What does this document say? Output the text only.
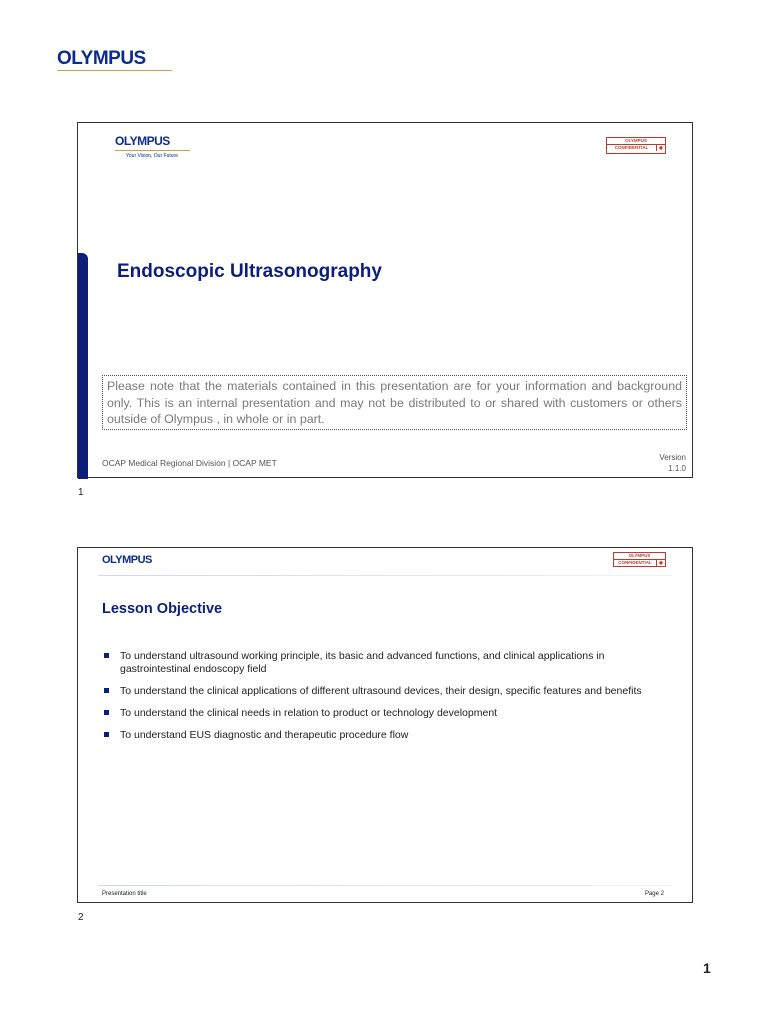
OLYMPUS
OLYMPUS
Your Vision, Our Future
OLYMPUS
CONFIDENTIAL	◉
Endoscopic Ultrasonography
Please note that the materials contained in this presentation are for your information and background only. This is an internal presentation and may not be distributed to or shared with customers or others outside of Olympus , in whole or in part.
OCAP Medical Regional Division | OCAP MET
Version
1.1.0
1
OLYMPUS	OLYMPUS
CONFIDENTIAL	◉
Lesson Objective
To understand ultrasound working principle, its basic and advanced functions, and clinical applications in gastrointestinal endoscopy field
To understand the clinical applications of different ultrasound devices, their design, specific features and benefits
To understand the clinical needs in relation to product or technology development
To understand EUS diagnostic and therapeutic procedure flow
Presentation title	Page 2
2
1
